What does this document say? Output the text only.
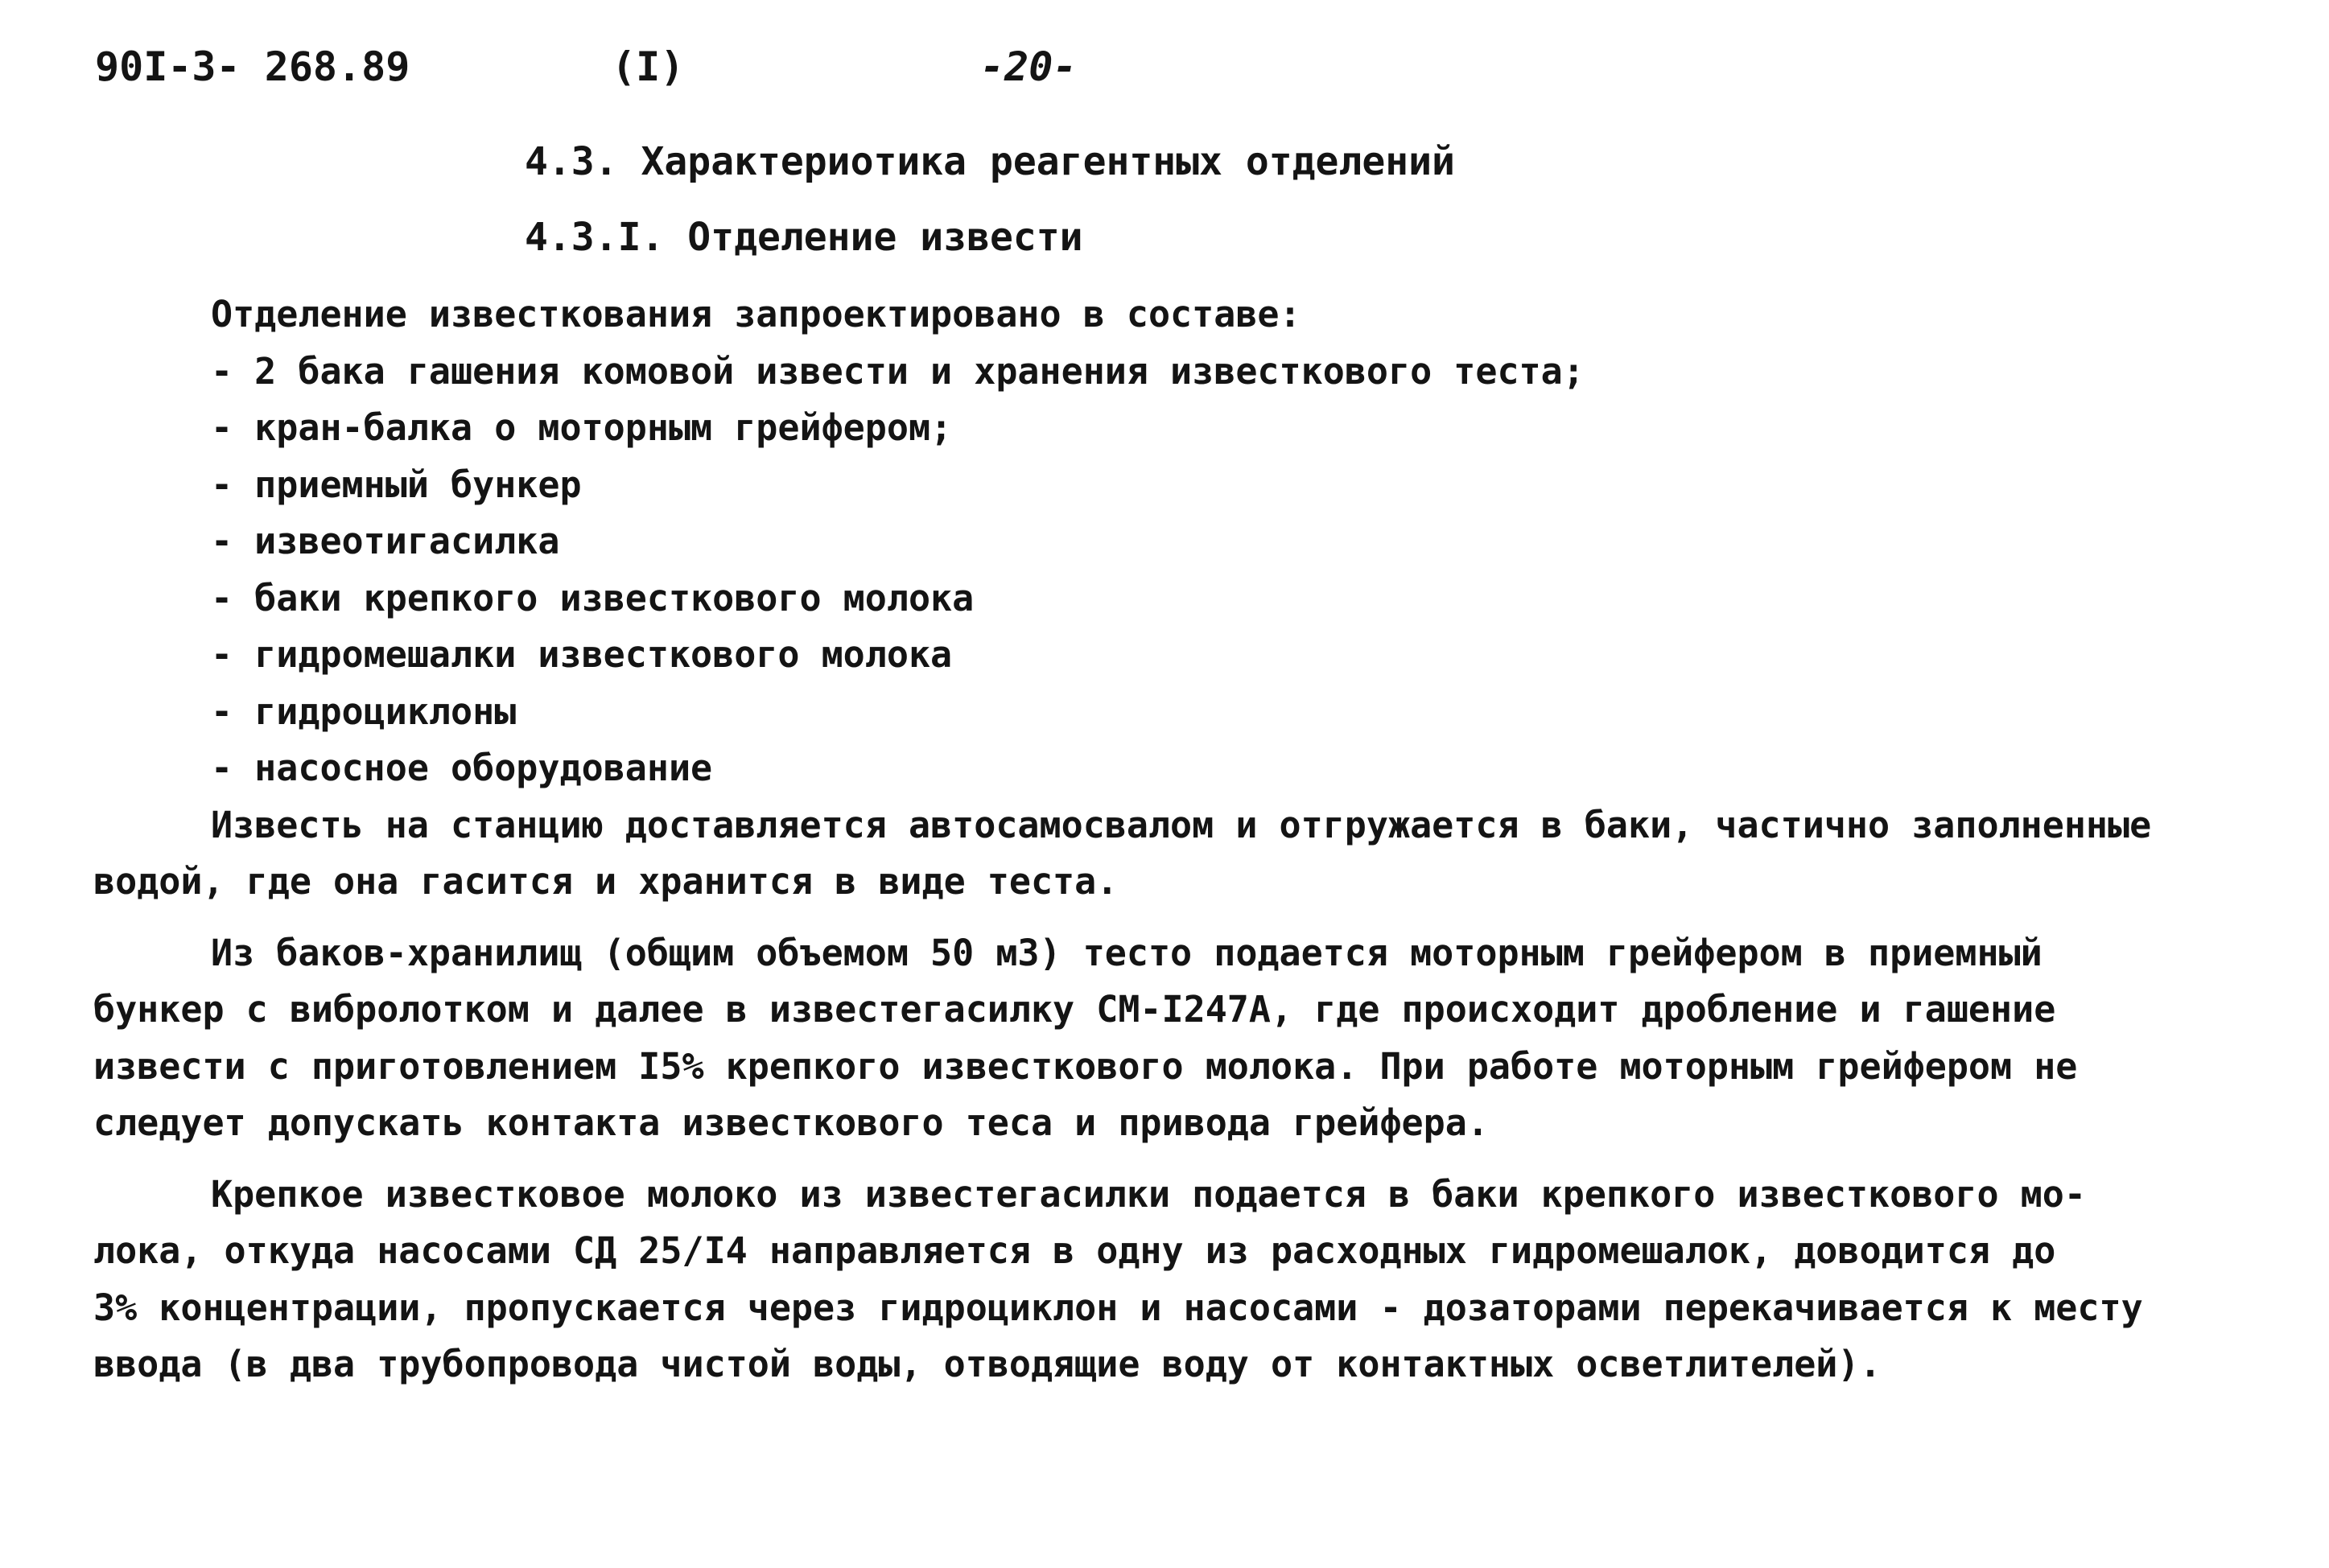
90I-3- 268.89	(I)	-20-
4.3. Характериотика реагентных отделений
4.3.I. Отделение извести
Отделение известкования запроектировано в составе:
- 2 бака гашения комовой извести и хранения известкового теста;
- кран-балка о моторным грейфером;
- приемный бункер
- извеотигасилка
- баки крепкого известкового молока
- гидромешалки известкового молока
- гидроциклоны
- насосное оборудование
Известь на станцию доставляется автосамосвалом и отгружается в баки, частично заполненные
водой, где она гасится и хранится в виде теста.
Из баков-хранилищ (общим объемом 50 м3) тесто подается моторным грейфером в приемный
бункер с вибролотком и далее в известегасилку СМ-I247А, где происходит дробление и гашение
извести с приготовлением I5% крепкого известкового молока. При работе моторным грейфером не
следует допускать контакта известкового теса и привода грейфера.
Крепкое известковое молоко из известегасилки подается в баки крепкого известкового мо-
лока, откуда насосами СД 25/I4 направляется в одну из расходных гидромешалок, доводится до
3% концентрации, пропускается через гидроциклон и насосами - дозаторами перекачивается к месту
ввода (в два трубопровода чистой воды, отводящие воду от контактных осветлителей).
